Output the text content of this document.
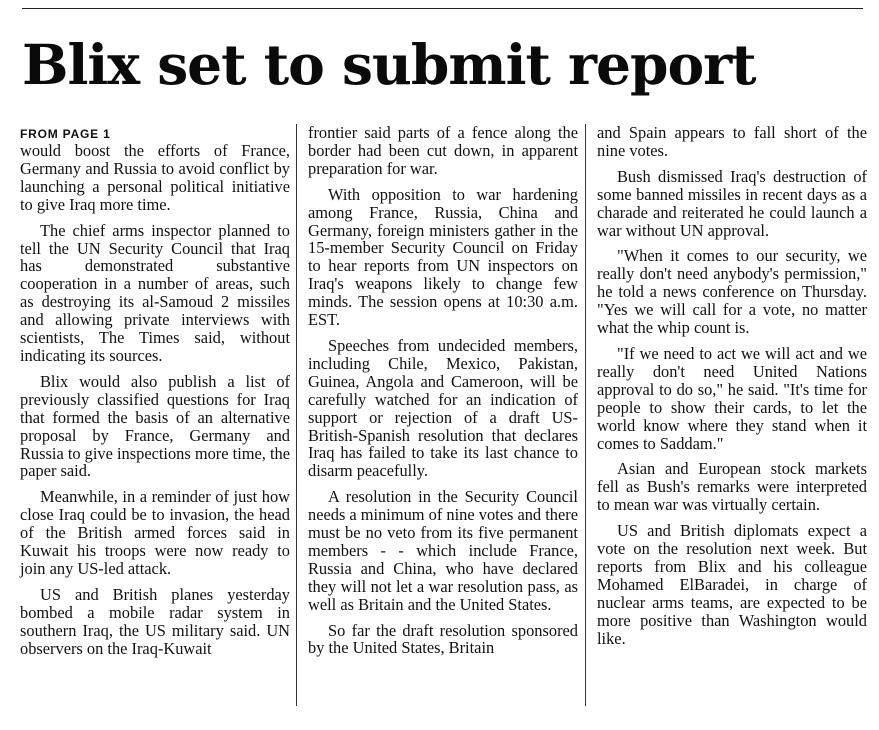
Blix set to submit report
FROM PAGE 1

would boost the efforts of France, Germany and Russia to avoid conflict by launching a personal political initiative to give Iraq more time.

The chief arms inspector planned to tell the UN Security Council that Iraq has demonstrated substantive cooperation in a number of areas, such as destroying its al-Samoud 2 missiles and allowing private interviews with scientists, The Times said, without indicating its sources.

Blix would also publish a list of previously classified questions for Iraq that formed the basis of an alternative proposal by France, Germany and Russia to give inspections more time, the paper said.

Meanwhile, in a reminder of just how close Iraq could be to invasion, the head of the British armed forces said in Kuwait his troops were now ready to join any US-led attack.

US and British planes yesterday bombed a mobile radar system in southern Iraq, the US military said. UN observers on the Iraq-Kuwait

frontier said parts of a fence along the border had been cut down, in apparent preparation for war.

With opposition to war hardening among France, Russia, China and Germany, foreign ministers gather in the 15-member Security Council on Friday to hear reports from UN inspectors on Iraq's weapons likely to change few minds. The session opens at 10:30 a.m. EST.

Speeches from undecided members, including Chile, Mexico, Pakistan, Guinea, Angola and Cameroon, will be carefully watched for an indication of support or rejection of a draft US-British-Spanish resolution that declares Iraq has failed to take its last chance to disarm peacefully.

A resolution in the Security Council needs a minimum of nine votes and there must be no veto from its five permanent members - - which include France, Russia and China, who have declared they will not let a war resolution pass, as well as Britain and the United States.

So far the draft resolution sponsored by the United States, Britain

and Spain appears to fall short of the nine votes.

Bush dismissed Iraq's destruction of some banned missiles in recent days as a charade and reiterated he could launch a war without UN approval.

"When it comes to our security, we really don't need anybody's permission," he told a news conference on Thursday. "Yes we will call for a vote, no matter what the whip count is.

"If we need to act we will act and we really don't need United Nations approval to do so," he said. "It's time for people to show their cards, to let the world know where they stand when it comes to Saddam."

Asian and European stock markets fell as Bush's remarks were interpreted to mean war was virtually certain.

US and British diplomats expect a vote on the resolution next week. But reports from Blix and his colleague Mohamed ElBaradei, in charge of nuclear arms teams, are expected to be more positive than Washington would like.
